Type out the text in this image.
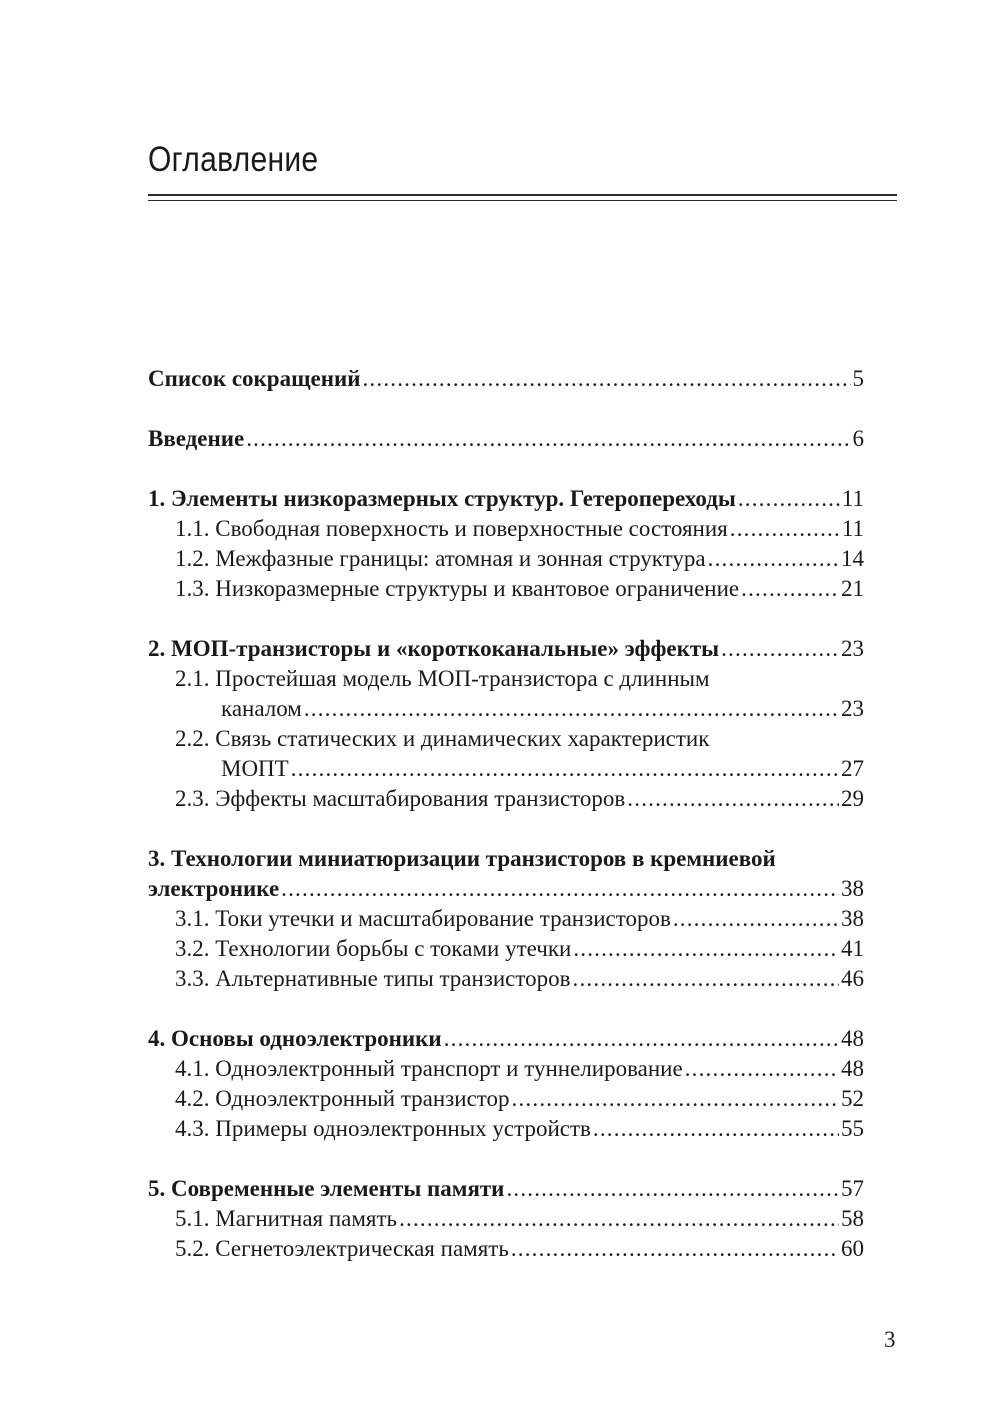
Оглавление
Список сокращений .....	5
Введение .....	6
1. Элементы низкоразмерных структур. Гетеропереходы .....	11
1.1. Свободная поверхность и поверхностные состояния .....	11
1.2. Межфазные границы: атомная и зонная структура .....	14
1.3. Низкоразмерные структуры и квантовое ограничение .....	21
2. МОП-транзисторы и «короткоканальные» эффекты .....	23
2.1. Простейшая модель МОП-транзистора с длинным
каналом .....	23
2.2. Связь статических и динамических характеристик
МОПТ .....	27
2.3. Эффекты масштабирования транзисторов .....	29
3. Технологии миниатюризации транзисторов в кремниевой
электронике .....	38
3.1. Токи утечки и масштабирование транзисторов .....	38
3.2. Технологии борьбы с токами утечки .....	41
3.3. Альтернативные типы транзисторов .....	46
4. Основы одноэлектроники .....	48
4.1. Одноэлектронный транспорт и туннелирование .....	48
4.2. Одноэлектронный транзистор .....	52
4.3. Примеры одноэлектронных устройств .....	55
5. Современные элементы памяти .....	57
5.1. Магнитная память .....	58
5.2. Сегнетоэлектрическая память .....	60
3
